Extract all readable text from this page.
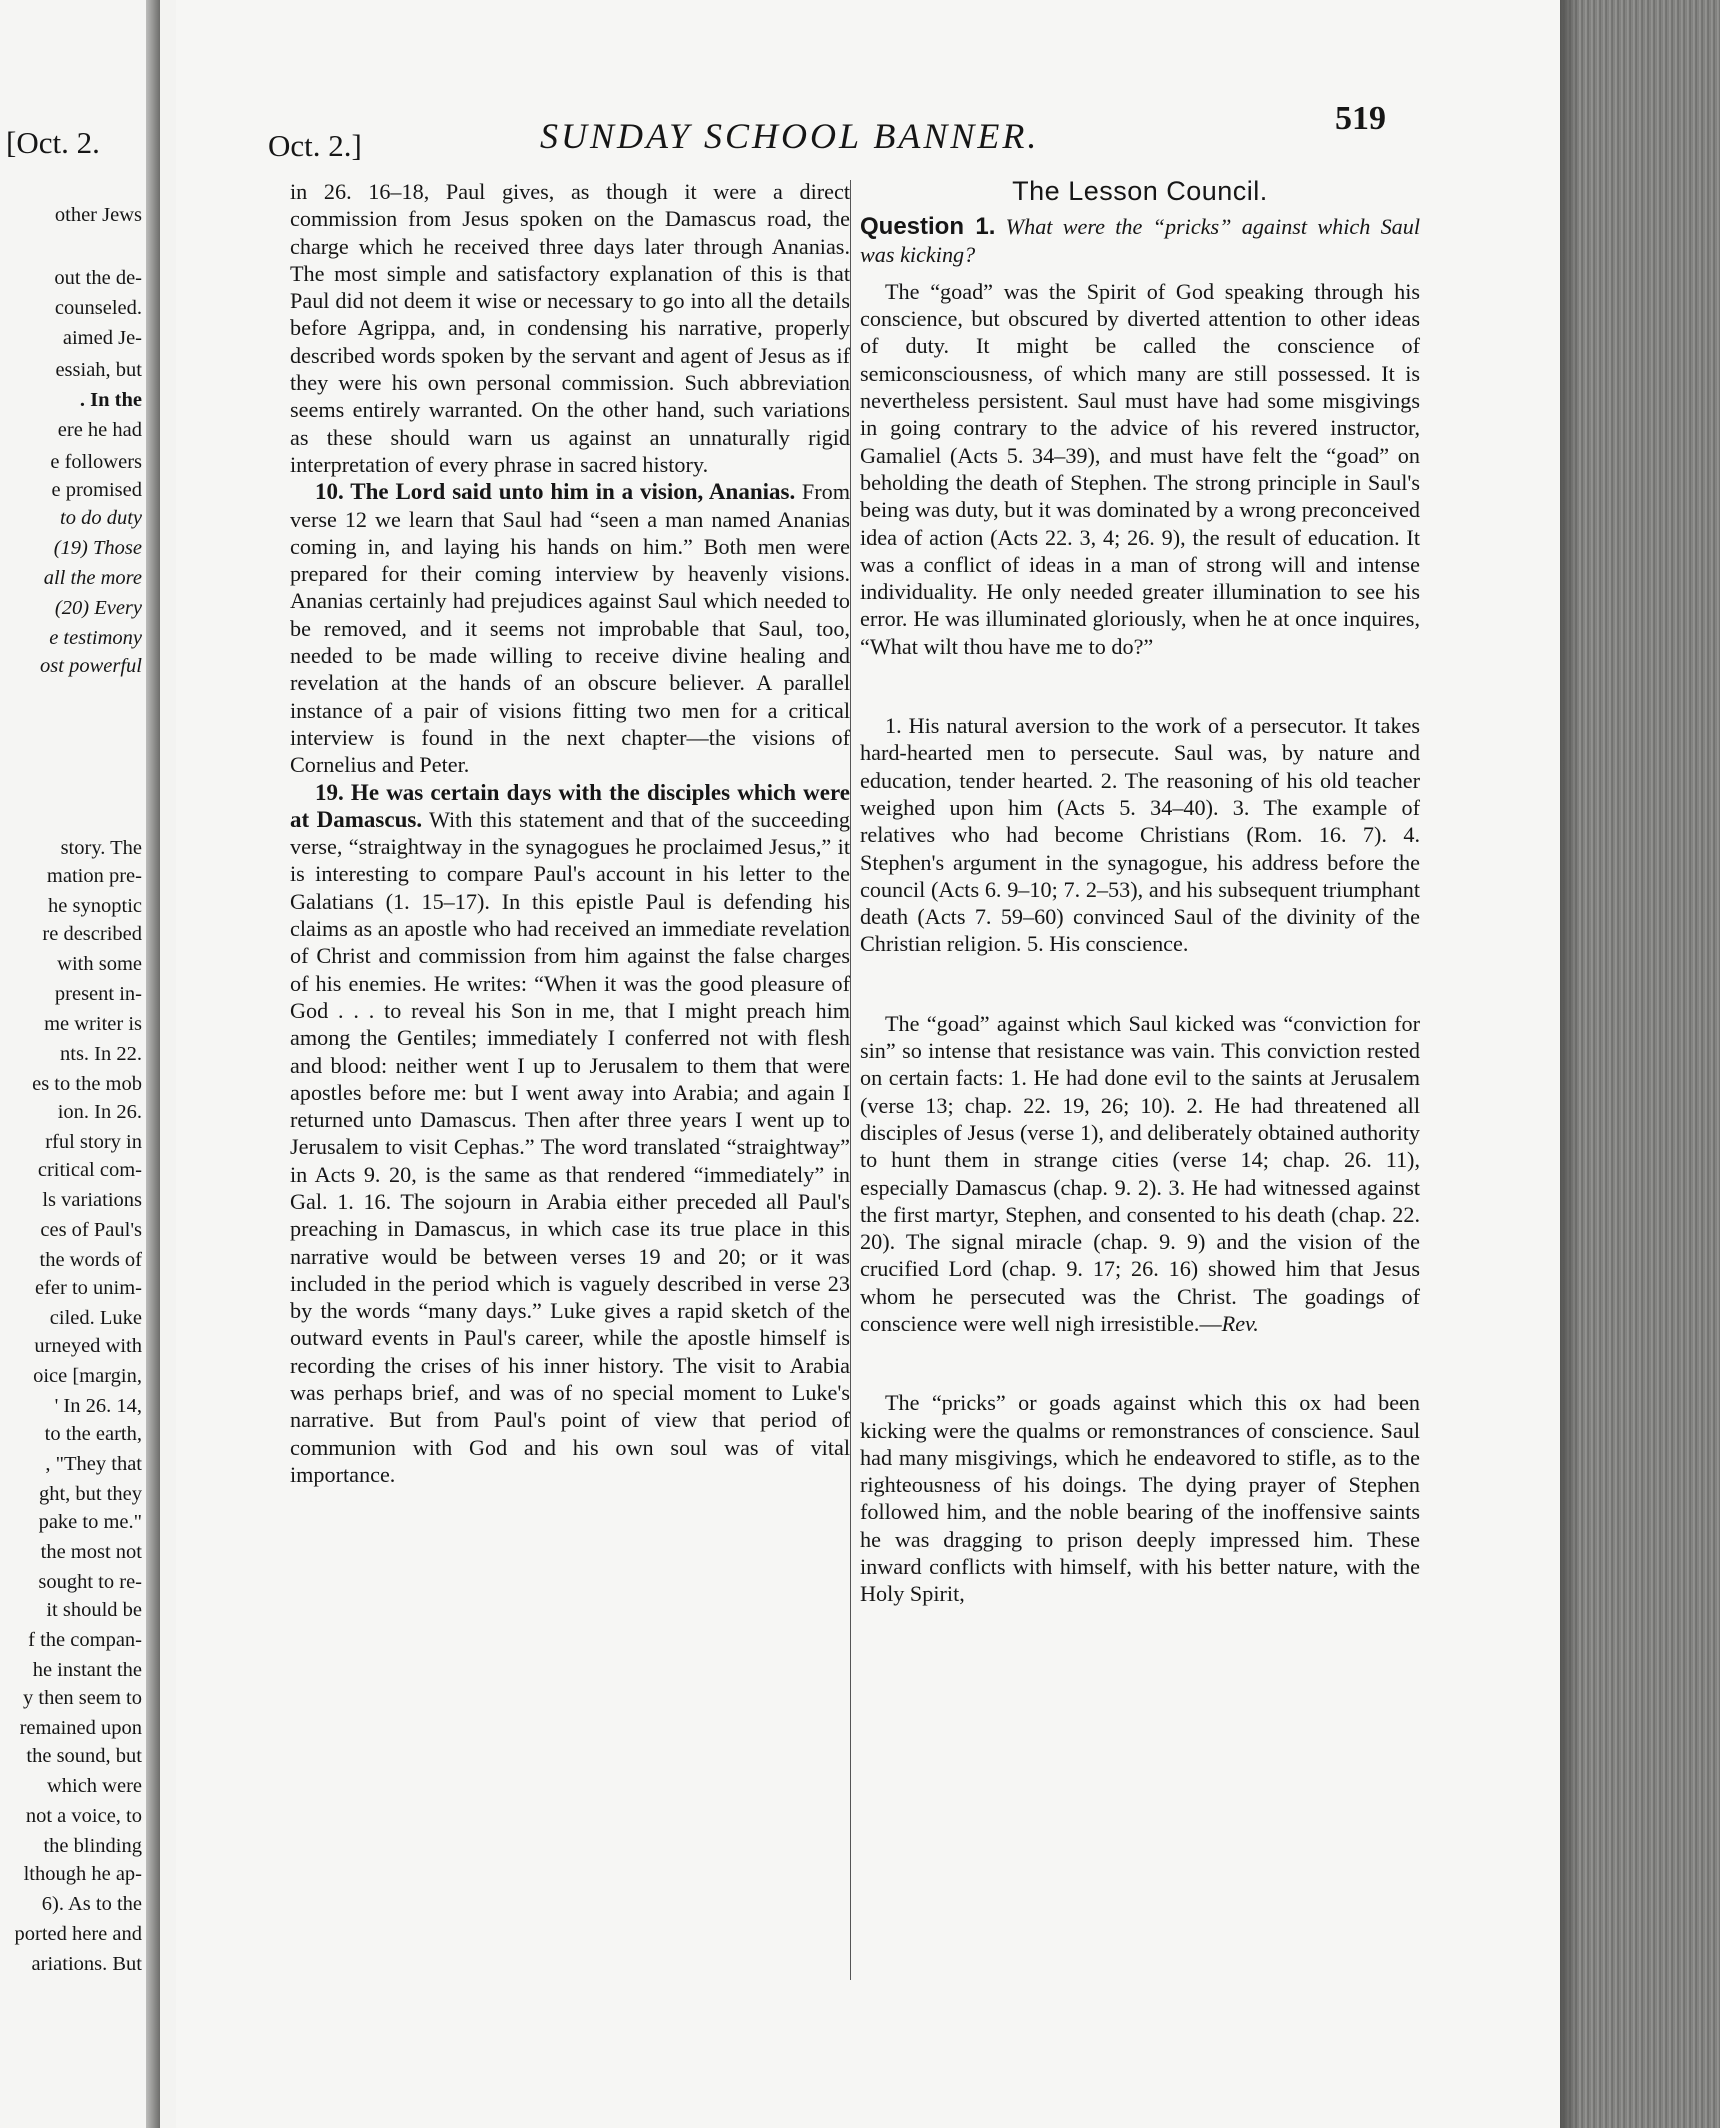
[Oct. 2.
other Jews
out the de-
counseled.
aimed Je-
essiah, but
. In the
ere he had
e followers
e promised
to do duty
(19) Those
all the more
(20) Every
e testimony
ost powerful
story. The
mation pre-
he synoptic
re described
with some
present in-
me writer is
nts. In 22.
es to the mob
ion. In 26.
rful story in
critical com-
ls variations
ces of Paul's
the words of
efer to unim-
ciled. Luke
urneyed with
oice [margin,
' In 26. 14,
to the earth,
, "They that
ght, but they
pake to me."
the most not
sought to re-
it should be
f the compan-
he instant the
y then seem to
remained upon
the sound, but
which were
not a voice, to
the blinding
lthough he ap-
6). As to the
ported here and
ariations. But
Oct. 2.]	SUNDAY SCHOOL BANNER.	519

in 26. 16–18, Paul gives, as though it were a direct commission from Jesus spoken on the Damascus road, the charge which he received three days later through Ananias. The most simple and satisfactory explanation of this is that Paul did not deem it wise or necessary to go into all the details before Agrippa, and, in condensing his narrative, properly described words spoken by the servant and agent of Jesus as if they were his own personal commission. Such abbreviation seems entirely warranted. On the other hand, such variations as these should warn us against an unnaturally rigid interpretation of every phrase in sacred history.

10. The Lord said unto him in a vision, Ananias. From verse 12 we learn that Saul had “seen a man named Ananias coming in, and laying his hands on him.” Both men were prepared for their coming interview by heavenly visions. Ananias certainly had prejudices against Saul which needed to be removed, and it seems not improbable that Saul, too, needed to be made willing to receive divine healing and revelation at the hands of an obscure believer. A parallel instance of a pair of visions fitting two men for a critical interview is found in the next chapter—the visions of Cornelius and Peter.

19. He was certain days with the disciples which were at Damascus. With this statement and that of the succeeding verse, “straightway in the synagogues he proclaimed Jesus,” it is interesting to compare Paul's account in his letter to the Galatians (1. 15–17). In this epistle Paul is defending his claims as an apostle who had received an immediate revelation of Christ and commission from him against the false charges of his enemies. He writes: “When it was the good pleasure of God . . . to reveal his Son in me, that I might preach him among the Gentiles; immediately I conferred not with flesh and blood: neither went I up to Jerusalem to them that were apostles before me: but I went away into Arabia; and again I returned unto Damascus. Then after three years I went up to Jerusalem to visit Cephas.” The word translated “straightway” in Acts 9. 20, is the same as that rendered “immediately” in Gal. 1. 16. The sojourn in Arabia either preceded all Paul's preaching in Damascus, in which case its true place in this narrative would be between verses 19 and 20; or it was included in the period which is vaguely described in verse 23 by the words “many days.” Luke gives a rapid sketch of the outward events in Paul's career, while the apostle himself is recording the crises of his inner history. The visit to Arabia was perhaps brief, and was of no special moment to Luke's narrative. But from Paul's point of view that period of communion with God and his own soul was of vital importance.

The Lesson Council.

Question 1. What were the “pricks” against which Saul was kicking?

The “goad” was the Spirit of God speaking through his conscience, but obscured by diverted attention to other ideas of duty. It might be called the conscience of semiconsciousness, of which many are still possessed. It is nevertheless persistent. Saul must have had some misgivings in going contrary to the advice of his revered instructor, Gamaliel (Acts 5. 34–39), and must have felt the “goad” on beholding the death of Stephen. The strong principle in Saul's being was duty, but it was dominated by a wrong preconceived idea of action (Acts 22. 3, 4; 26. 9), the result of education. It was a conflict of ideas in a man of strong will and intense individuality. He only needed greater illumination to see his error. He was illuminated gloriously, when he at once inquires, “What wilt thou have me to do?”

1. His natural aversion to the work of a persecutor. It takes hard-hearted men to persecute. Saul was, by nature and education, tender hearted. 2. The reasoning of his old teacher weighed upon him (Acts 5. 34–40). 3. The example of relatives who had become Christians (Rom. 16. 7). 4. Stephen's argument in the synagogue, his address before the council (Acts 6. 9–10; 7. 2–53), and his subsequent triumphant death (Acts 7. 59–60) convinced Saul of the divinity of the Christian religion. 5. His conscience.

The “goad” against which Saul kicked was “conviction for sin” so intense that resistance was vain. This conviction rested on certain facts: 1. He had done evil to the saints at Jerusalem (verse 13; chap. 22. 19, 26; 10). 2. He had threatened all disciples of Jesus (verse 1), and deliberately obtained authority to hunt them in strange cities (verse 14; chap. 26. 11), especially Damascus (chap. 9. 2). 3. He had witnessed against the first martyr, Stephen, and consented to his death (chap. 22. 20). The signal miracle (chap. 9. 9) and the vision of the crucified Lord (chap. 9. 17; 26. 16) showed him that Jesus whom he persecuted was the Christ. The goadings of conscience were well nigh irresistible.—Rev.

The “pricks” or goads against which this ox had been kicking were the qualms or remonstrances of conscience. Saul had many misgivings, which he endeavored to stifle, as to the righteousness of his doings. The dying prayer of Stephen followed him, and the noble bearing of the inoffensive saints he was dragging to prison deeply impressed him. These inward conflicts with himself, with his better nature, with the Holy Spirit,
